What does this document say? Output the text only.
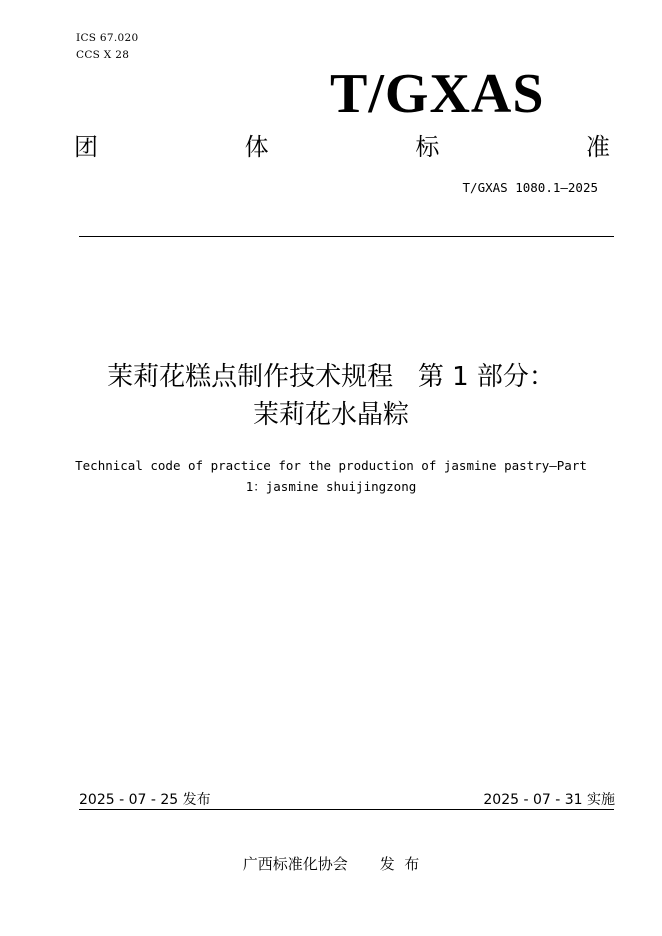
ICS 67.020
CCS X 28
T/GXAS
团	体	标	准
T/GXAS 1080.1—2025
茉莉花糕点制作技术规程   第 1 部分：
茉莉花水晶粽
Technical code of practice for the production of jasmine pastry—Part
1：jasmine shuijingzong
2025 - 07 - 25 发布	2025 - 07 - 31 实施
广西标准化协会 发  布
